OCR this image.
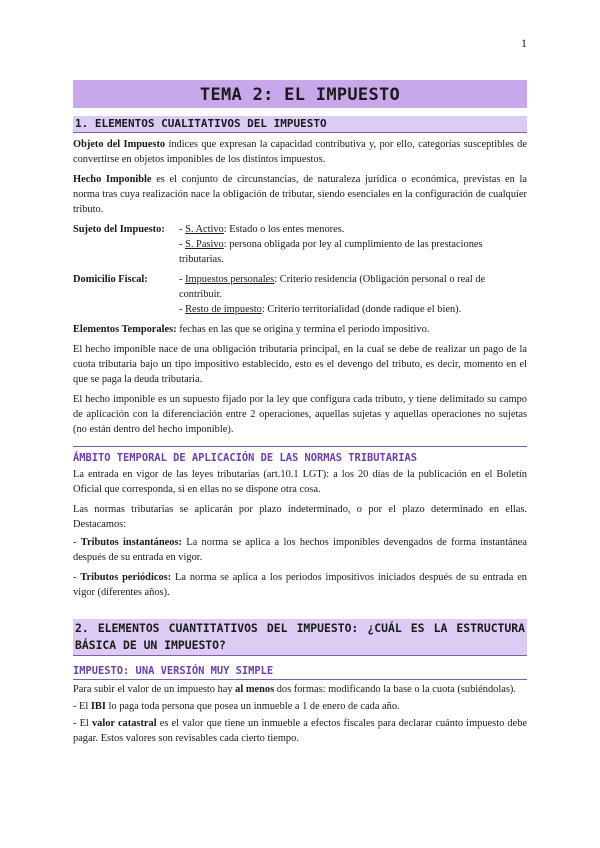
1
TEMA 2: EL IMPUESTO
1. ELEMENTOS CUALITATIVOS DEL IMPUESTO

Objeto del Impuesto índices que expresan la capacidad contributiva y, por ello, categorías susceptibles de convertirse en objetos imponibles de los distintos impuestos.

Hecho Imponible es el conjunto de circunstancias, de naturaleza jurídica o económica, previstas en la norma tras cuya realización nace la obligación de tributar, siendo esenciales en la configuración de cualquier tributo.

Sujeto del Impuesto:	- S. Activo: Estado o los entes menores.
- S. Pasivo: persona obligada por ley al cumplimiento de las prestaciones tributarias.
Domicilio Fiscal:	- Impuestos personales: Criterio residencia (Obligación personal o real de contribuir.
- Resto de impuesto: Criterio territorialidad (donde radique el bien).

Elementos Temporales: fechas en las que se origina y termina el periodo impositivo.

El hecho imponible nace de una obligación tributaria principal, en la cual se debe de realizar un pago de la cuota tributaria bajo un tipo impositivo establecido, esto es el devengo del tributo, es decir, momento en el que se paga la deuda tributaria.

El hecho imponible es un supuesto fijado por la ley que configura cada tributo, y tiene delimitado su campo de aplicación con la diferenciación entre 2 operaciones, aquellas sujetas y aquellas operaciones no sujetas (no están dentro del hecho imponible).

ÁMBITO TEMPORAL DE APLICACIÓN DE LAS NORMAS TRIBUTARIAS

La entrada en vigor de las leyes tributarias (art.10.1 LGT): a los 20 días de la publicación en el Boletín Oficial que corresponda, si en ellas no se dispone otra cosa.

Las normas tributarias se aplicarán por plazo indeterminado, o por el plazo determinado en ellas. Destacamos:

- Tributos instantáneos: La norma se aplica a los hechos imponibles devengados de forma instantánea después de su entrada en vigor.

- Tributos periódicos: La norma se aplica a los periodos impositivos iniciados después de su entrada en vigor (diferentes años).

2. ELEMENTOS CUANTITATIVOS DEL IMPUESTO: ¿CUÁL ES LA ESTRUCTURA BÁSICA DE UN IMPUESTO?
IMPUESTO: UNA VERSIÓN MUY SIMPLE

Para subir el valor de un impuesto hay al menos dos formas: modificando la base o la cuota (subiéndolas).

- El IBI lo paga toda persona que posea un inmueble a 1 de enero de cada año.

- El valor catastral es el valor que tiene un inmueble a efectos fiscales para declarar cuánto impuesto debe pagar. Estos valores son revisables cada cierto tiempo.
